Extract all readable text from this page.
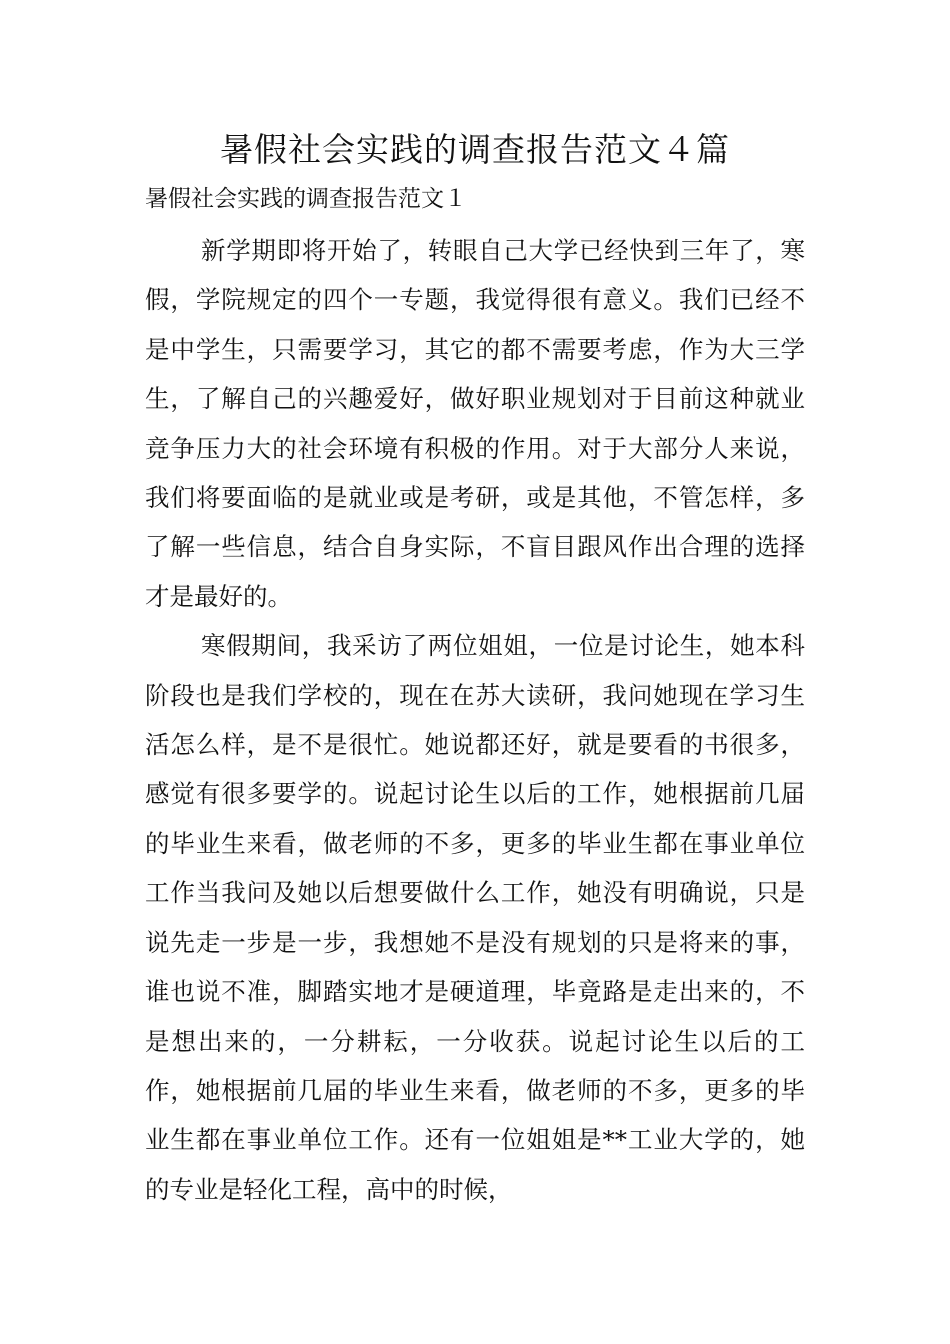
暑假社会实践的调查报告范文４篇
暑假社会实践的调查报告范文１

新学期即将开始了，转眼自己大学已经快到三年了，寒假，学院规定的四个一专题，我觉得很有意义。我们已经不是中学生，只需要学习，其它的都不需要考虑，作为大三学生，了解自己的兴趣爱好，做好职业规划对于目前这种就业竞争压力大的社会环境有积极的作用。对于大部分人来说，我们将要面临的是就业或是考研，或是其他，不管怎样，多了解一些信息，结合自身实际，不盲目跟风作出合理的选择才是最好的。

寒假期间，我采访了两位姐姐，一位是讨论生，她本科阶段也是我们学校的，现在在苏大读研，我问她现在学习生活怎么样，是不是很忙。她说都还好，就是要看的书很多，感觉有很多要学的。说起讨论生以后的工作，她根据前几届的毕业生来看，做老师的不多，更多的毕业生都在事业单位工作当我问及她以后想要做什么工作，她没有明确说，只是说先走一步是一步，我想她不是没有规划的只是将来的事，谁也说不准，脚踏实地才是硬道理，毕竟路是走出来的，不是想出来的，一分耕耘，一分收获。说起讨论生以后的工作，她根据前几届的毕业生来看，做老师的不多，更多的毕业生都在事业单位工作。还有一位姐姐是**工业大学的，她的专业是轻化工程，高中的时候，
